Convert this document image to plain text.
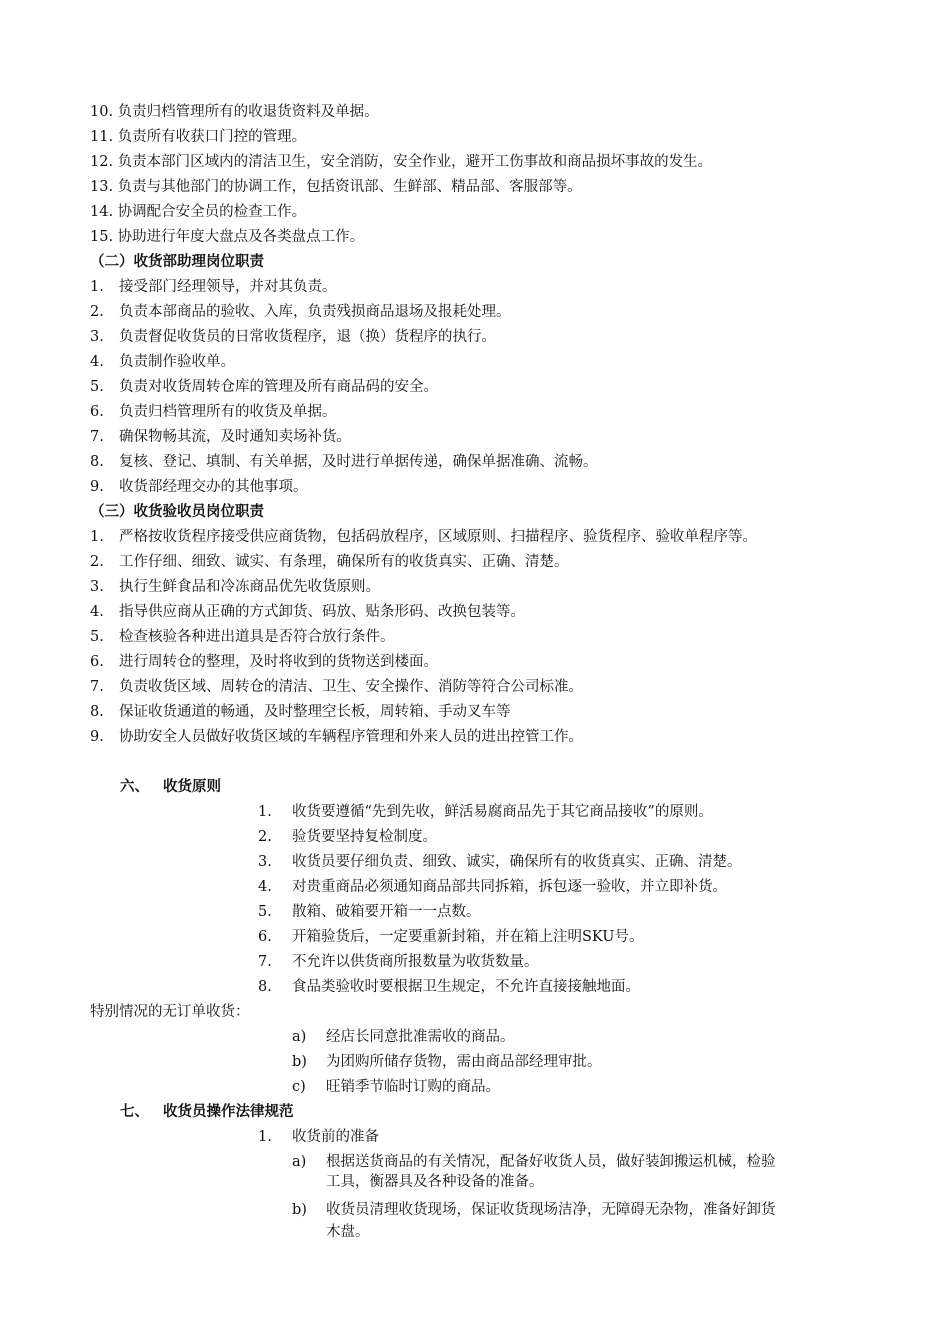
10. 负责归档管理所有的收退货资料及单据。
11. 负责所有收获口门控的管理。
12. 负责本部门区域内的清洁卫生，安全消防，安全作业，避开工伤事故和商品损坏事故的发生。
13. 负责与其他部门的协调工作，包括资讯部、生鲜部、精品部、客服部等。
14. 协调配合安全员的检查工作。
15. 协助进行年度大盘点及各类盘点工作。
（二）收货部助理岗位职责
1. 接受部门经理领导，并对其负责。
2. 负责本部商品的验收、入库，负责残损商品退场及报耗处理。
3. 负责督促收货员的日常收货程序，退（换）货程序的执行。
4. 负责制作验收单。
5. 负责对收货周转仓库的管理及所有商品码的安全。
6. 负责归档管理所有的收货及单据。
7. 确保物畅其流，及时通知卖场补货。
8. 复核、登记、填制、有关单据，及时进行单据传递，确保单据准确、流畅。
9. 收货部经理交办的其他事项。
（三）收货验收员岗位职责
1. 严格按收货程序接受供应商货物，包括码放程序，区域原则、扫描程序、验货程序、验收单程序等。
2. 工作仔细、细致、诚实、有条理，确保所有的收货真实、正确、清楚。
3. 执行生鲜食品和冷冻商品优先收货原则。
4. 指导供应商从正确的方式卸货、码放、贴条形码、改换包装等。
5. 检查核验各种进出道具是否符合放行条件。
6. 进行周转仓的整理，及时将收到的货物送到楼面。
7. 负责收货区域、周转仓的清洁、卫生、安全操作、消防等符合公司标准。
8. 保证收货通道的畅通，及时整理空长板，周转箱、手动叉车等
9. 协助安全人员做好收货区域的车辆程序管理和外来人员的进出控管工作。
六、 收货原则
1. 收货要遵循“先到先收，鲜活易腐商品先于其它商品接收”的原则。
2. 验货要坚持复检制度。
3. 收货员要仔细负责、细致、诚实，确保所有的收货真实、正确、清楚。
4. 对贵重商品必须通知商品部共同拆箱，拆包逐一验收，并立即补货。
5. 散箱、破箱要开箱一一点数。
6. 开箱验货后，一定要重新封箱，并在箱上注明SKU号。
7. 不允许以供货商所报数量为收货数量。
8. 食品类验收时要根据卫生规定，不允许直接接触地面。
特别情况的无订单收货：
a) 经店长同意批准需收的商品。
b) 为团购所储存货物，需由商品部经理审批。
c) 旺销季节临时订购的商品。
七、 收货员操作法律规范
1. 收货前的准备
a) 根据送货商品的有关情况，配备好收货人员，做好装卸搬运机械，检验
工具，衡器具及各种设备的准备。
b) 收货员清理收货现场，保证收货现场洁净，无障碍无杂物，准备好卸货
木盘。
